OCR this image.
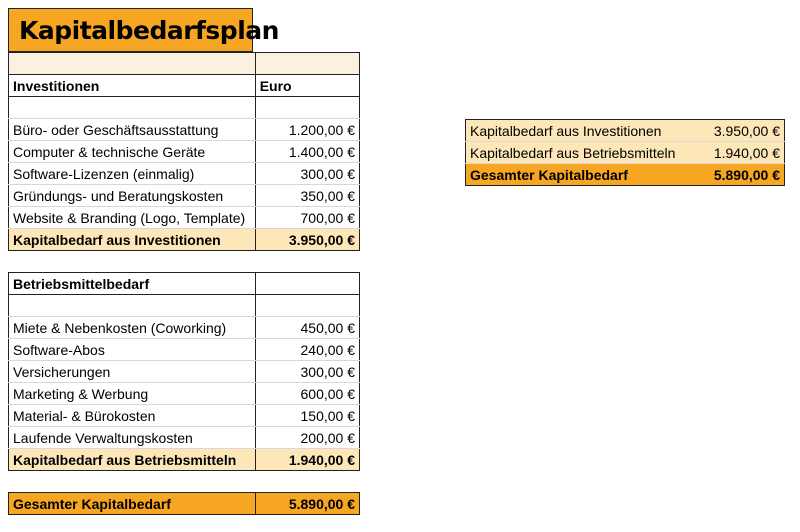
Kapitalbedarfsplan

Investitionen	Euro

Büro- oder Geschäftsausstattung	1.200,00 €
Computer & technische Geräte	1.400,00 €
Software-Lizenzen (einmalig)	300,00 €
Gründungs- und Beratungskosten	350,00 €
Website & Branding (Logo, Template)	700,00 €
Kapitalbedarf aus Investitionen	3.950,00 €

Betriebsmittelbedarf	

Miete & Nebenkosten (Coworking)	450,00 €
Software-Abos	240,00 €
Versicherungen	300,00 €
Marketing & Werbung	600,00 €
Material- & Bürokosten	150,00 €
Laufende Verwaltungskosten	200,00 €
Kapitalbedarf aus Betriebsmitteln	1.940,00 €

Gesamter Kapitalbedarf	5.890,00 €
Kapitalbedarf aus Investitionen	3.950,00 €
Kapitalbedarf aus Betriebsmitteln	1.940,00 €
Gesamter Kapitalbedarf	5.890,00 €
